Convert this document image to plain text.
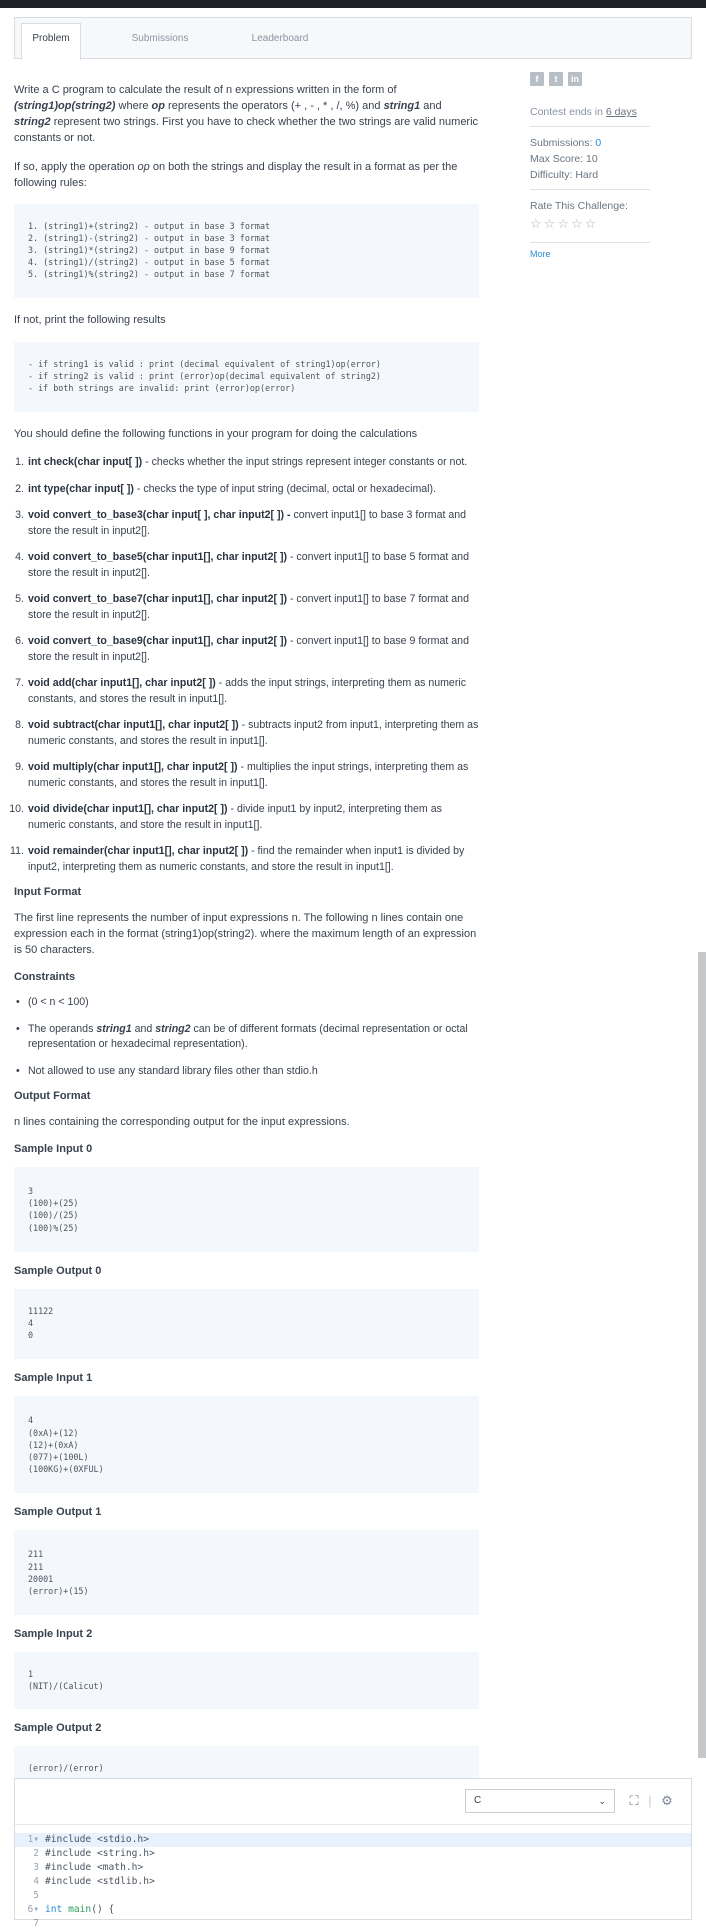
Problem	Submissions	Leaderboard

Write a C program to calculate the result of n expressions written in the form of (string1)op(string2) where op represents the operators (+ , - , * , /, %) and string1 and string2 represent two strings. First you have to check whether the two strings are valid numeric constants or not.

If so, apply the operation op on both the strings and display the result in a format as per the following rules:

1. (string1)+(string2) - output in base 3 format
2. (string1)-(string2) - output in base 3 format
3. (string1)*(string2) - output in base 9 format
4. (string1)/(string2) - output in base 5 format
5. (string1)%(string2) - output in base 7 format

If not, print the following results

- if string1 is valid : print (decimal equivalent of string1)op(error)
- if string2 is valid : print (error)op(decimal equivalent of string2)
- if both strings are invalid: print (error)op(error)

You should define the following functions in your program for doing the calculations

1. int check(char input[ ]) - checks whether the input strings represent integer constants or not.
2. int type(char input[ ]) - checks the type of input string (decimal, octal or hexadecimal).
3. void convert_to_base3(char input[ ], char input2[ ]) - convert input1[] to base 3 format and store the result in input2[].
4. void convert_to_base5(char input1[], char input2[ ]) - convert input1[] to base 5 format and store the result in input2[].
5. void convert_to_base7(char input1[], char input2[ ]) - convert input1[] to base 7 format and store the result in input2[].
6. void convert_to_base9(char input1[], char input2[ ]) - convert input1[] to base 9 format and store the result in input2[].
7. void add(char input1[], char input2[ ]) - adds the input strings, interpreting them as numeric constants, and stores the result in input1[].
8. void subtract(char input1[], char input2[ ]) - subtracts input2 from input1, interpreting them as numeric constants, and stores the result in input1[].
9. void multiply(char input1[], char input2[ ]) - multiplies the input strings, interpreting them as numeric constants, and stores the result in input1[].
10. void divide(char input1[], char input2[ ]) - divide input1 by input2, interpreting them as numeric constants, and store the result in input1[].
11. void remainder(char input1[], char input2[ ]) - find the remainder when input1 is divided by input2, interpreting them as numeric constants, and store the result in input1[].
Input Format

The first line represents the number of input expressions n. The following n lines contain one expression each in the format (string1)op(string2). where the maximum length of an expression is 50 characters.

Constraints
• (0 < n < 100)
• The operands string1 and string2 can be of different formats (decimal representation or octal representation or hexadecimal representation).
• Not allowed to use any standard library files other than stdio.h
Output Format

n lines containing the corresponding output for the input expressions.

Sample Input 0
3
(100)+(25)
(100)/(25)
(100)%(25)
Sample Output 0
11122
4
0
Sample Input 1
4
(0xA)+(12)
(12)+(0xA)
(077)+(100L)
(100KG)+(0XFUL)
Sample Output 1
211
211
20001
(error)+(15)
Sample Input 2
1
(NIT)/(Calicut)
Sample Output 2
(error)/(error)
f	t	in
Contest ends in 6 days
Submissions: 0
Max Score: 10
Difficulty: Hard
Rate This Challenge:
☆ ☆ ☆ ☆ ☆
More
C	⌄ ⛶ | ⚙
1▾ #include <stdio.h>
2 #include <string.h>
3 #include <math.h>
4 #include <stdlib.h>
5
6▾ int main() {
7
